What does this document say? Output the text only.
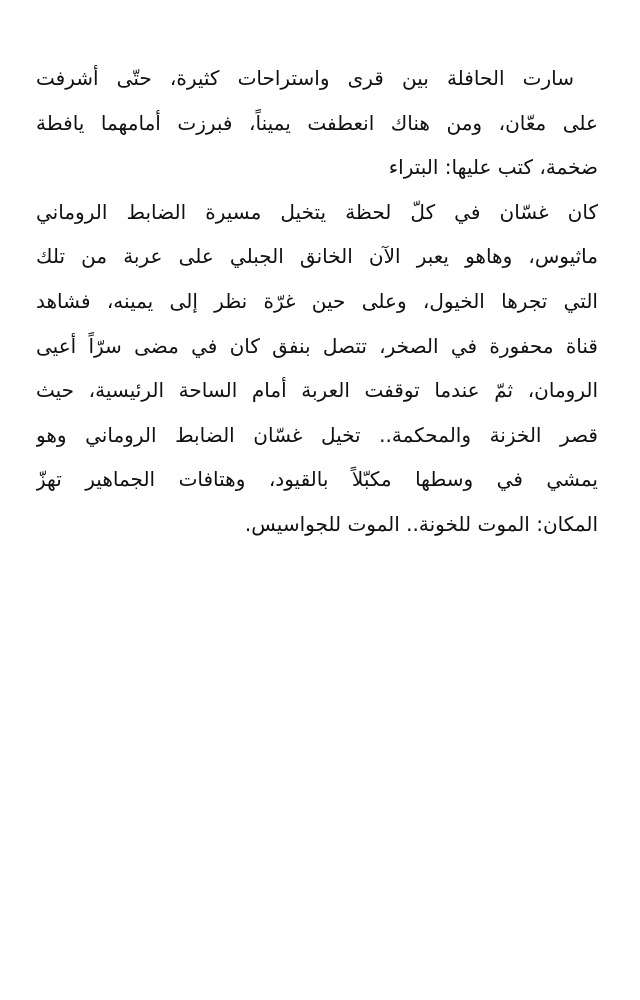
سارت الحافلة بين قرى واستراحات كثيرة، حتّى أشرفت
على معّان، ومن هناك انعطفت يميناً، فبرزت أمامهما يافطة
ضخمة، كتب عليها: البتراء
كان غسّان في كلّ لحظة يتخيل مسيرة الضابط الروماني
ماثيوس، وهاهو يعبر الآن الخانق الجبلي على عربة من تلك
التي تجرها الخيول، وعلى حين غرّة نظر إلى يمينه، فشاهد
قناة محفورة في الصخر، تتصل بنفق كان في مضى سرّاً أعيى
الرومان، ثمّ عندما توقفت العربة أمام الساحة الرئيسية، حيث
قصر الخزنة والمحكمة.. تخيل غسّان الضابط الروماني وهو
يمشي في وسطها مكبّلاً بالقيود، وهتافات الجماهير تهزّ
المكان: الموت للخونة.. الموت للجواسيس.
